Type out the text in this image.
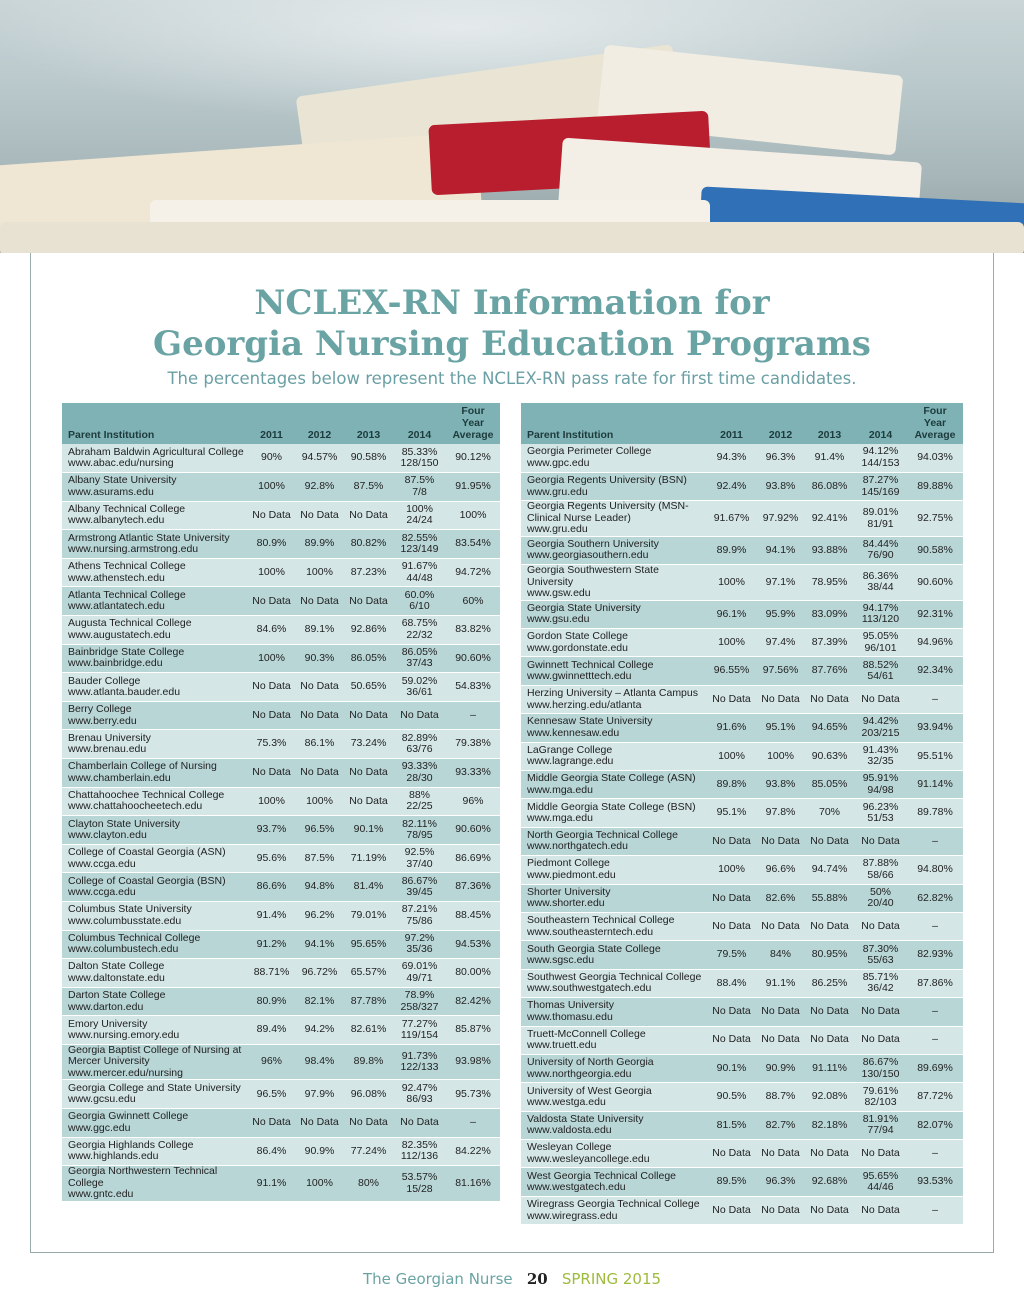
NCLEX-RN Information for
Georgia Nursing Education Programs
The percentages below represent the NCLEX-RN pass rate for first time candidates.
Parent Institution	2011	2012	2013	2014	Four
Year
Average

Abraham Baldwin Agricultural College
www.abac.edu/nursing	90%	94.57%	90.58%	85.33%
128/150	90.12%

Albany State University
www.asurams.edu	100%	92.8%	87.5%	87.5%
7/8	91.95%

Albany Technical College
www.albanytech.edu	No Data	No Data	No Data	100%
24/24	100%

Armstrong Atlantic State University
www.nursing.armstrong.edu	80.9%	89.9%	80.82%	82.55%
123/149	83.54%

Athens Technical College
www.athenstech.edu	100%	100%	87.23%	91.67%
44/48	94.72%

Atlanta Technical College
www.atlantatech.edu	No Data	No Data	No Data	60.0%
6/10	60%

Augusta Technical College
www.augustatech.edu	84.6%	89.1%	92.86%	68.75%
22/32	83.82%

Bainbridge State College
www.bainbridge.edu	100%	90.3%	86.05%	86.05%
37/43	90.60%

Bauder College
www.atlanta.bauder.edu	No Data	No Data	50.65%	59.02%
36/61	54.83%

Berry College
www.berry.edu	No Data	No Data	No Data	No Data	–

Brenau University
www.brenau.edu	75.3%	86.1%	73.24%	82.89%
63/76	79.38%

Chamberlain College of Nursing
www.chamberlain.edu	No Data	No Data	No Data	93.33%
28/30	93.33%

Chattahoochee Technical College
www.chattahoocheetech.edu	100%	100%	No Data	88%
22/25	96%

Clayton State University
www.clayton.edu	93.7%	96.5%	90.1%	82.11%
78/95	90.60%

College of Coastal Georgia (ASN)
www.ccga.edu	95.6%	87.5%	71.19%	92.5%
37/40	86.69%

College of Coastal Georgia (BSN)
www.ccga.edu	86.6%	94.8%	81.4%	86.67%
39/45	87.36%

Columbus State University
www.columbusstate.edu	91.4%	96.2%	79.01%	87.21%
75/86	88.45%

Columbus Technical College
www.columbustech.edu	91.2%	94.1%	95.65%	97.2%
35/36	94.53%

Dalton State College
www.daltonstate.edu	88.71%	96.72%	65.57%	69.01%
49/71	80.00%

Darton State College
www.darton.edu	80.9%	82.1%	87.78%	78.9%
258/327	82.42%

Emory University
www.nursing.emory.edu	89.4%	94.2%	82.61%	77.27%
119/154	85.87%

Georgia Baptist College of Nursing at Mercer University
www.mercer.edu/nursing	96%	98.4%	89.8%	91.73%
122/133	93.98%

Georgia College and State University
www.gcsu.edu	96.5%	97.9%	96.08%	92.47%
86/93	95.73%

Georgia Gwinnett College
www.ggc.edu	No Data	No Data	No Data	No Data	–

Georgia Highlands College
www.highlands.edu	86.4%	90.9%	77.24%	82.35%
112/136	84.22%

Georgia Northwestern Technical College
www.gntc.edu	91.1%	100%	80%	53.57%
15/28	81.16%
Parent Institution	2011	2012	2013	2014	Four
Year
Average

Georgia Perimeter College
www.gpc.edu	94.3%	96.3%	91.4%	94.12%
144/153	94.03%

Georgia Regents University (BSN)
www.gru.edu	92.4%	93.8%	86.08%	87.27%
145/169	89.88%

Georgia Regents University (MSN-Clinical Nurse Leader)
www.gru.edu	91.67%	97.92%	92.41%	89.01%
81/91	92.75%

Georgia Southern University
www.georgiasouthern.edu	89.9%	94.1%	93.88%	84.44%
76/90	90.58%

Georgia Southwestern State University
www.gsw.edu	100%	97.1%	78.95%	86.36%
38/44	90.60%

Georgia State University
www.gsu.edu	96.1%	95.9%	83.09%	94.17%
113/120	92.31%

Gordon State College
www.gordonstate.edu	100%	97.4%	87.39%	95.05%
96/101	94.96%

Gwinnett Technical College
www.gwinnetttech.edu	96.55%	97.56%	87.76%	88.52%
54/61	92.34%

Herzing University – Atlanta Campus
www.herzing.edu/atlanta	No Data	No Data	No Data	No Data	–

Kennesaw State University
www.kennesaw.edu	91.6%	95.1%	94.65%	94.42%
203/215	93.94%

LaGrange College
www.lagrange.edu	100%	100%	90.63%	91.43%
32/35	95.51%

Middle Georgia State College (ASN)
www.mga.edu	89.8%	93.8%	85.05%	95.91%
94/98	91.14%

Middle Georgia State College (BSN)
www.mga.edu	95.1%	97.8%	70%	96.23%
51/53	89.78%

North Georgia Technical College
www.northgatech.edu	No Data	No Data	No Data	No Data	–

Piedmont College
www.piedmont.edu	100%	96.6%	94.74%	87.88%
58/66	94.80%

Shorter University
www.shorter.edu	No Data	82.6%	55.88%	50%
20/40	62.82%

Southeastern Technical College
www.southeasterntech.edu	No Data	No Data	No Data	No Data	–

South Georgia State College
www.sgsc.edu	79.5%	84%	80.95%	87.30%
55/63	82.93%

Southwest Georgia Technical College
www.southwestgatech.edu	88.4%	91.1%	86.25%	85.71%
36/42	87.86%

Thomas University
www.thomasu.edu	No Data	No Data	No Data	No Data	–

Truett-McConnell College
www.truett.edu	No Data	No Data	No Data	No Data	–

University of North Georgia
www.northgeorgia.edu	90.1%	90.9%	91.11%	86.67%
130/150	89.69%

University of West Georgia
www.westga.edu	90.5%	88.7%	92.08%	79.61%
82/103	87.72%

Valdosta State University
www.valdosta.edu	81.5%	82.7%	82.18%	81.91%
77/94	82.07%

Wesleyan College
www.wesleyancollege.edu	No Data	No Data	No Data	No Data	–

West Georgia Technical College
www.westgatech.edu	89.5%	96.3%	92.68%	95.65%
44/46	93.53%

Wiregrass Georgia Technical College
www.wiregrass.edu	No Data	No Data	No Data	No Data	–
The Georgian Nurse 20 SPRING 2015
